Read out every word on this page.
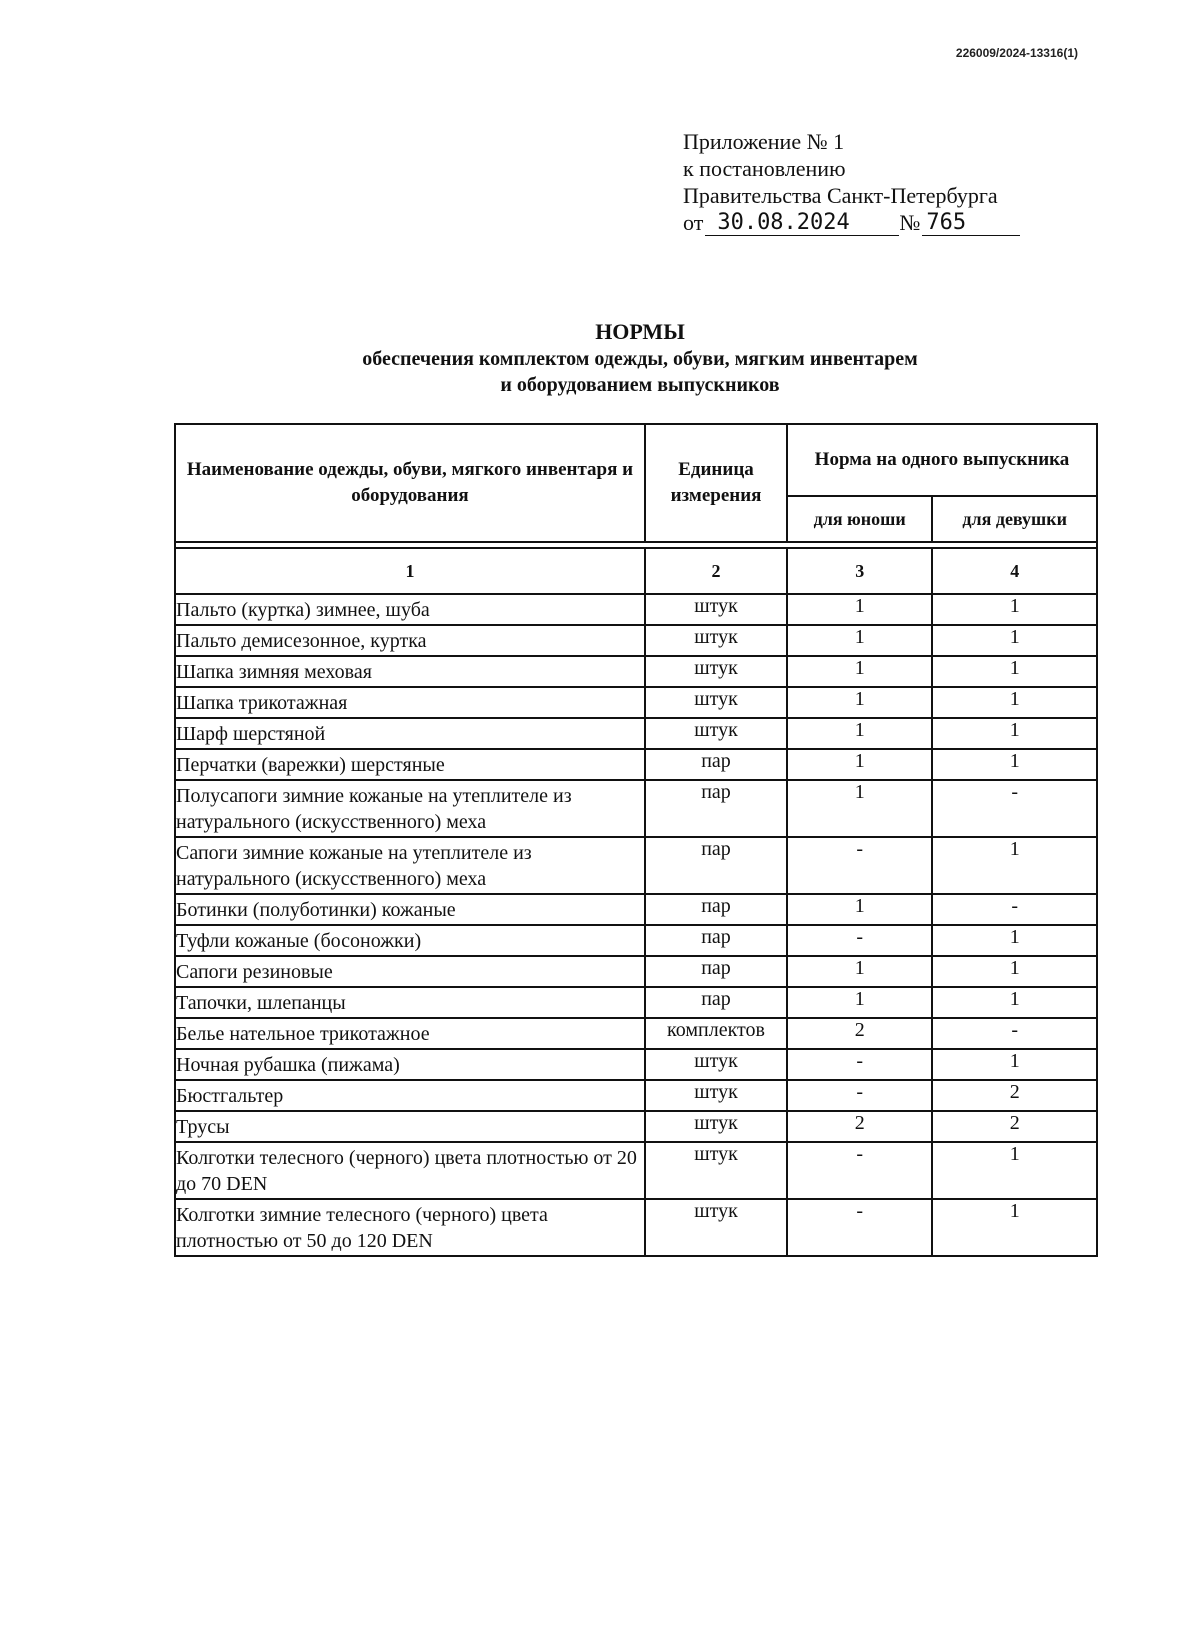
226009/2024-13316(1)
Приложение № 1
к постановлению
Правительства Санкт-Петербурга
от 30.08.2024	№ 765
НОРМЫ
обеспечения комплектом одежды, обуви, мягким инвентарем
и оборудованием выпускников
Наименование одежды, обуви, мягкого инвентаря и оборудования	Единица измерения	Норма на одного выпускника	
		для юноши	для девушки

1	2	3	4
Пальто (куртка) зимнее, шуба	штук	1	1
Пальто демисезонное, куртка	штук	1	1
Шапка зимняя меховая	штук	1	1
Шапка трикотажная	штук	1	1
Шарф шерстяной	штук	1	1
Перчатки (варежки) шерстяные	пар	1	1
Полусапоги зимние кожаные на утеплителе из натурального (искусственного) меха	пар	1	-
Сапоги зимние кожаные на утеплителе из натурального (искусственного) меха	пар	-	1
Ботинки (полуботинки) кожаные	пар	1	-
Туфли кожаные (босоножки)	пар	-	1
Сапоги резиновые	пар	1	1
Тапочки, шлепанцы	пар	1	1
Белье нательное трикотажное	комплектов	2	-
Ночная рубашка (пижама)	штук	-	1
Бюстгальтер	штук	-	2
Трусы	штук	2	2
Колготки телесного (черного) цвета плотностью от 20 до 70 DEN	штук	-	1
Колготки зимние телесного (черного) цвета плотностью от 50 до 120 DEN	штук	-	1
